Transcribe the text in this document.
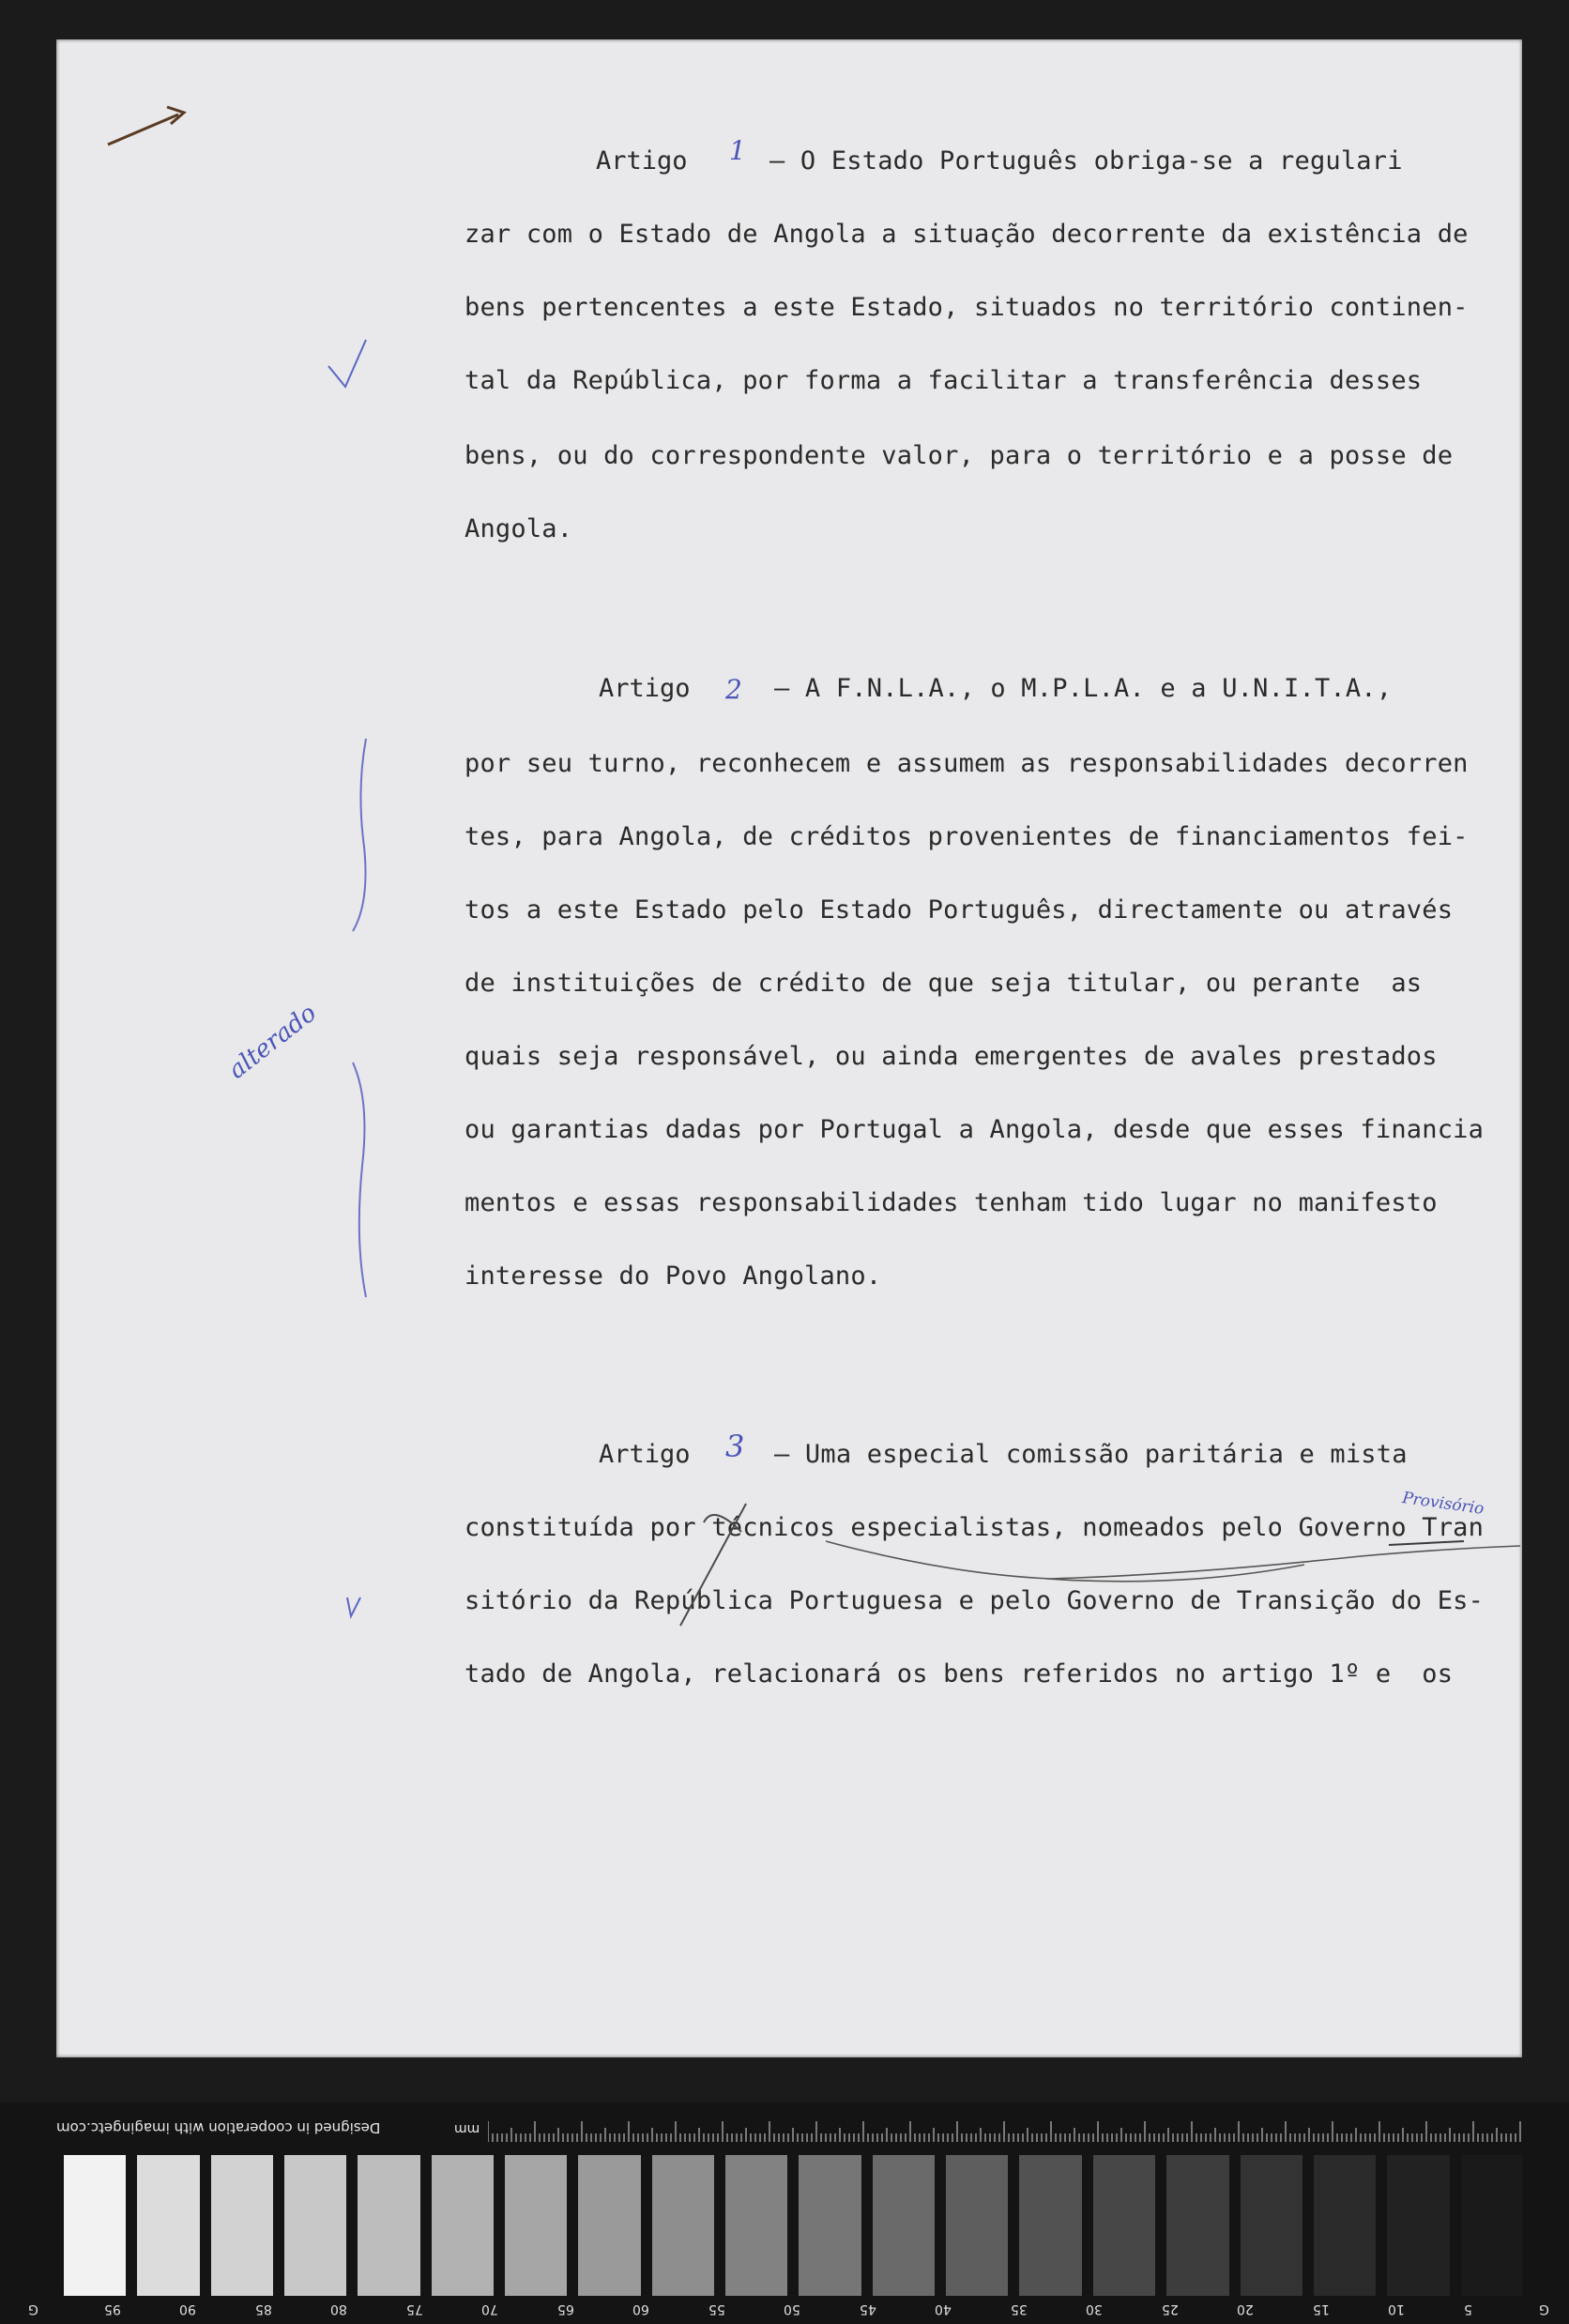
Artigo 1 – O Estado Português obriga-se a regulari
zar com o Estado de Angola a situação decorrente da existência de
bens pertencentes a este Estado, situados no território continen-
tal da República, por forma a facilitar a transferência desses
bens, ou do correspondente valor, para o território e a posse de
Angola.
Artigo 2 – A F.N.L.A., o M.P.L.A. e a U.N.I.T.A.,
por seu turno, reconhecem e assumem as responsabilidades decorren
tes, para Angola, de créditos provenientes de financiamentos fei-
tos a este Estado pelo Estado Português, directamente ou através
de instituições de crédito de que seja titular, ou perante  as
quais seja responsável, ou ainda emergentes de avales prestados
ou garantias dadas por Portugal a Angola, desde que esses financia
mentos e essas responsabilidades tenham tido lugar no manifesto
interesse do Povo Angolano.
Artigo 3 – Uma especial comissão paritária e mista
constituída por técnicos especialistas, nomeados pelo Governo Tran
sitório da República Portuguesa e pelo Governo de Transição do Es-
tado de Angola, relacionará os bens referidos no artigo 1º e  os
alterado
Provisório
Designed in cooperation with imagingetc.com	mm
G	95	90	85	80	75	70	65	60	55	50	45	40	35	30	25	20	15	10	5	G
